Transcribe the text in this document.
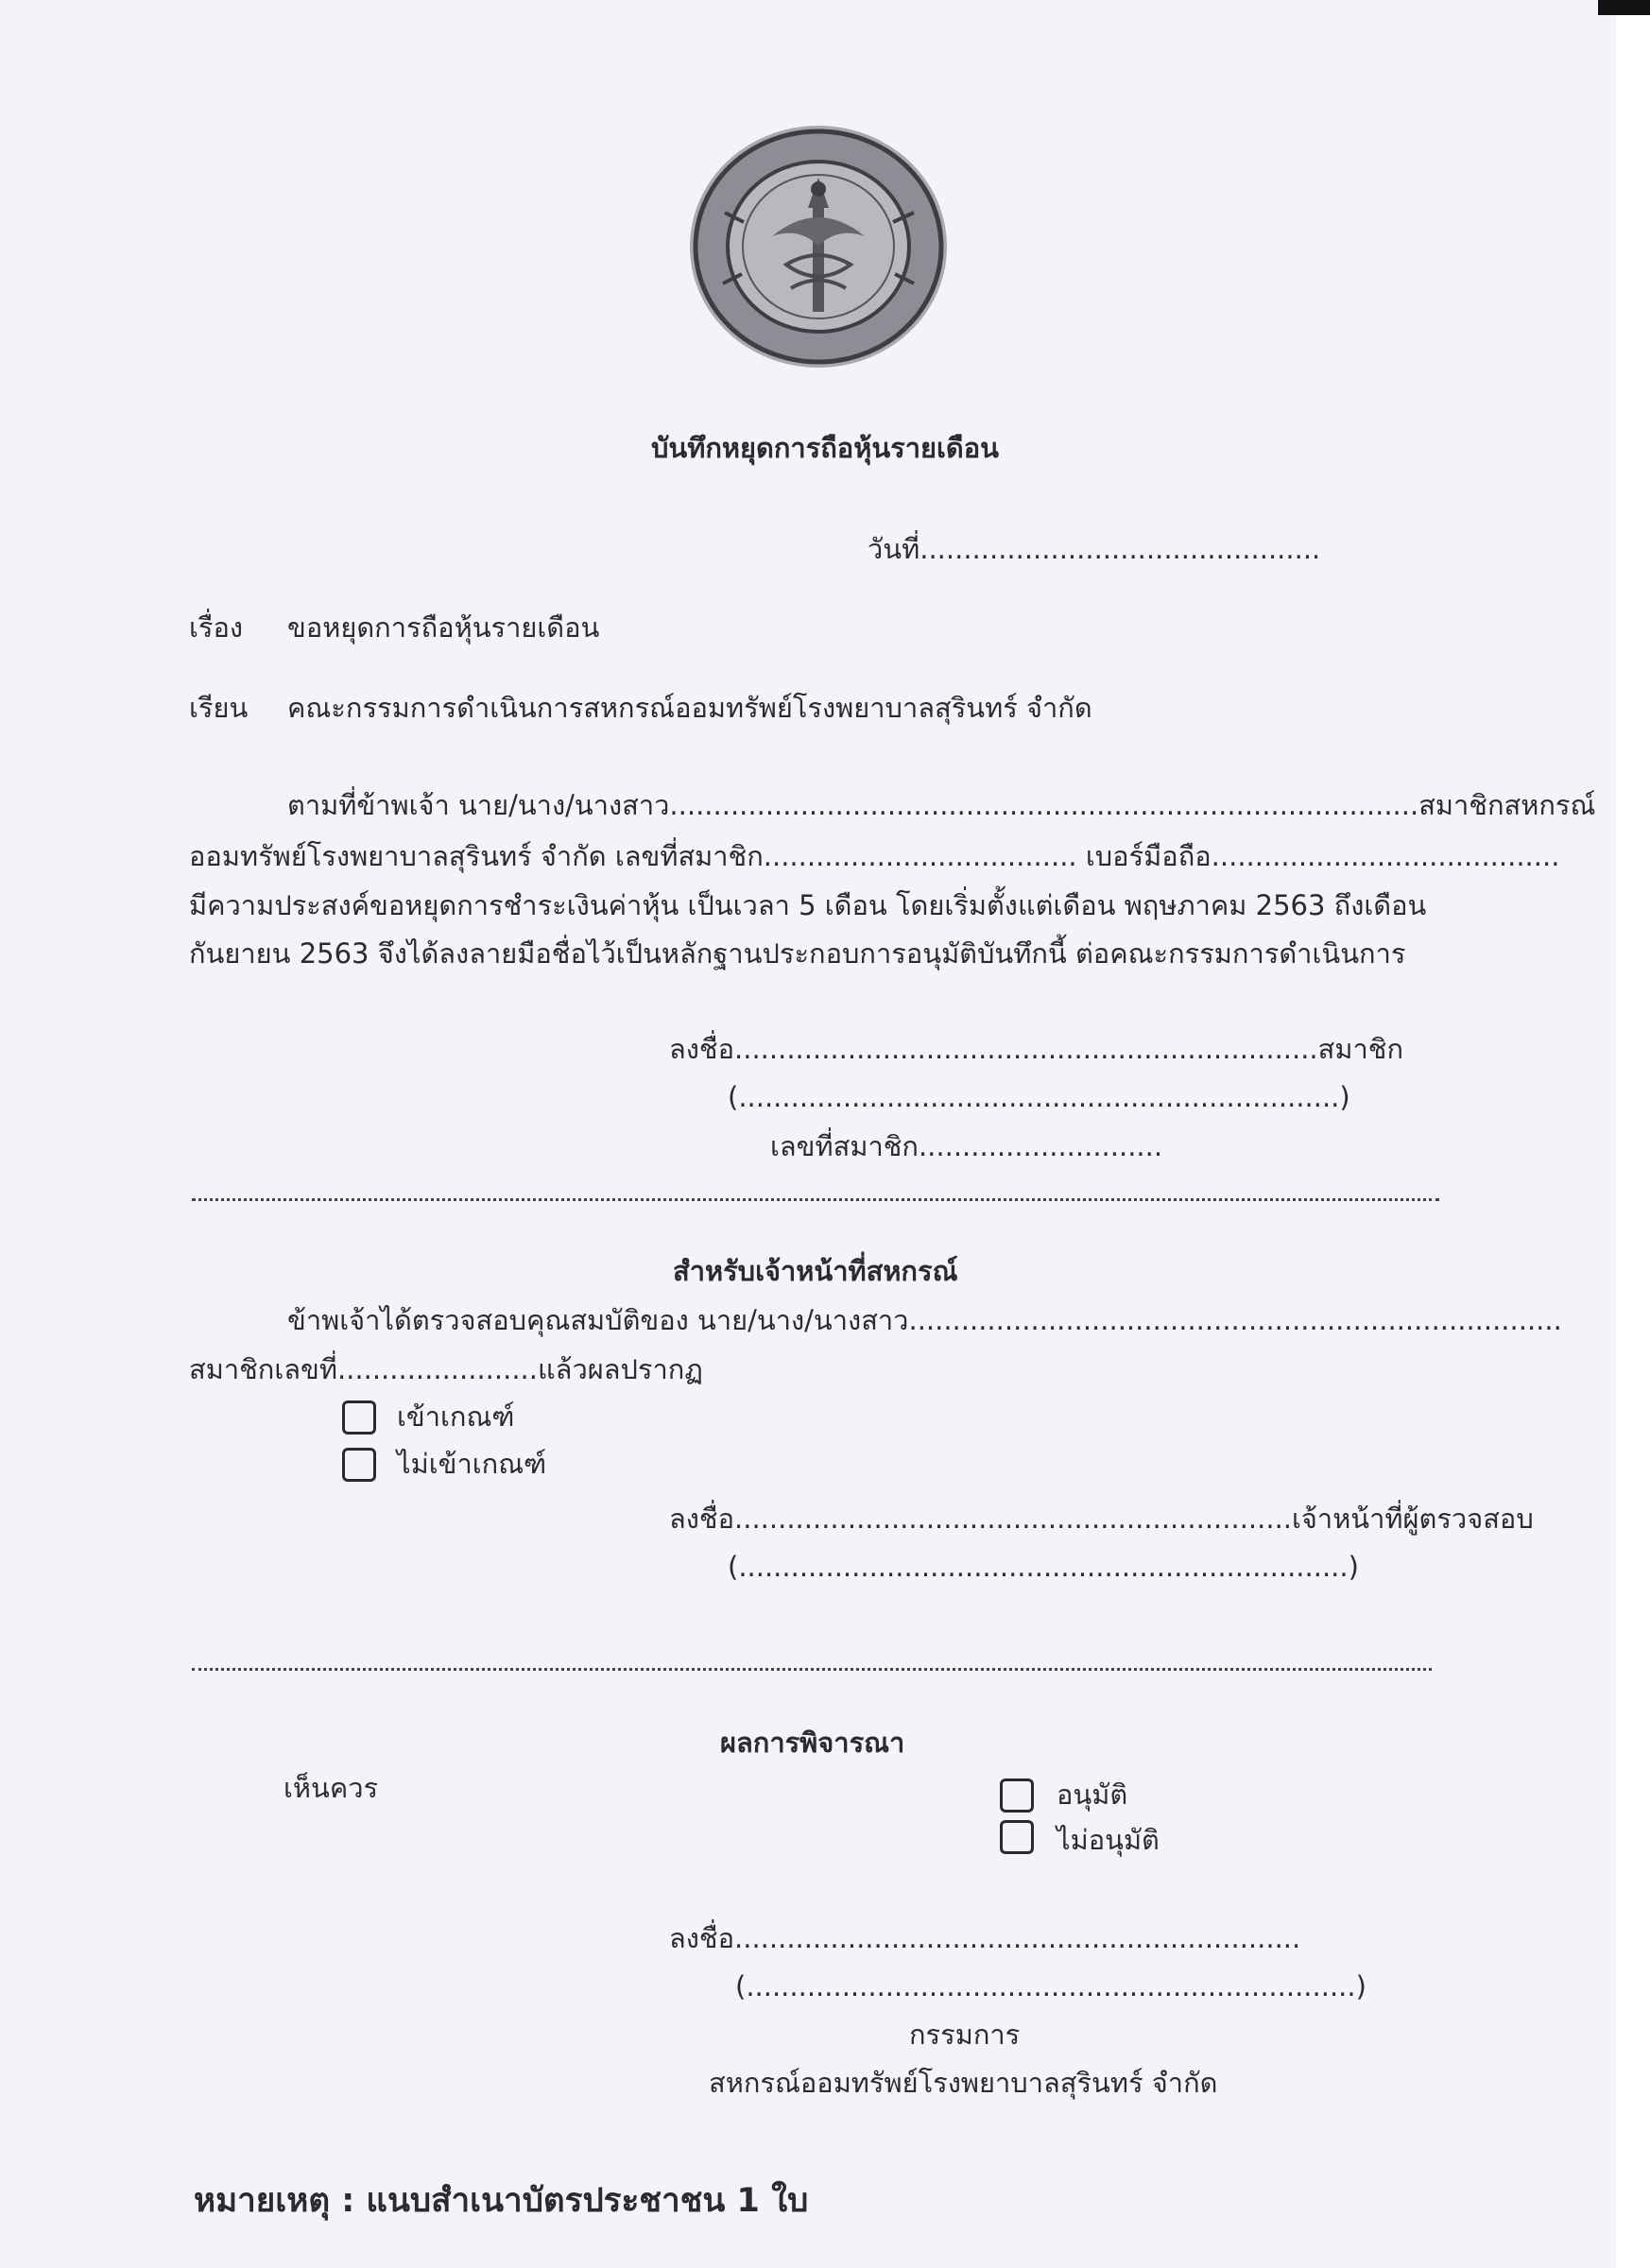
บันทึกหยุดการถือหุ้นรายเดือน
วันที่..............................................
เรื่อง ขอหยุดการถือหุ้นรายเดือน
เรียน คณะกรรมการดำเนินการสหกรณ์ออมทรัพย์โรงพยาบาลสุรินทร์ จำกัด
ตามที่ข้าพเจ้า นาย/นาง/นางสาว......................................................................................สมาชิกสหกรณ์
ออมทรัพย์โรงพยาบาลสุรินทร์ จำกัด เลขที่สมาชิก.................................... เบอร์มือถือ........................................
มีความประสงค์ขอหยุดการชำระเงินค่าหุ้น เป็นเวลา 5 เดือน โดยเริ่มตั้งแต่เดือน พฤษภาคม 2563 ถึงเดือน
กันยายน 2563 จึงได้ลงลายมือชื่อไว้เป็นหลักฐานประกอบการอนุมัติบันทึกนี้ ต่อคณะกรรมการดำเนินการ
ลงชื่อ...................................................................สมาชิก
(.....................................................................)
เลขที่สมาชิก............................
สำหรับเจ้าหน้าที่สหกรณ์
ข้าพเจ้าได้ตรวจสอบคุณสมบัติของ นาย/นาง/นางสาว...........................................................................
สมาชิกเลขที่.......................แล้วผลปรากฏ
เข้าเกณฑ์
ไม่เข้าเกณฑ์
ลงชื่อ................................................................เจ้าหน้าที่ผู้ตรวจสอบ
(......................................................................)
ผลการพิจารณา
เห็นควร	อนุมัติ
ไม่อนุมัติ
ลงชื่อ.................................................................
(......................................................................)
กรรมการ
สหกรณ์ออมทรัพย์โรงพยาบาลสุรินทร์ จำกัด
หมายเหตุ : แนบสำเนาบัตรประชาชน 1 ใบ
